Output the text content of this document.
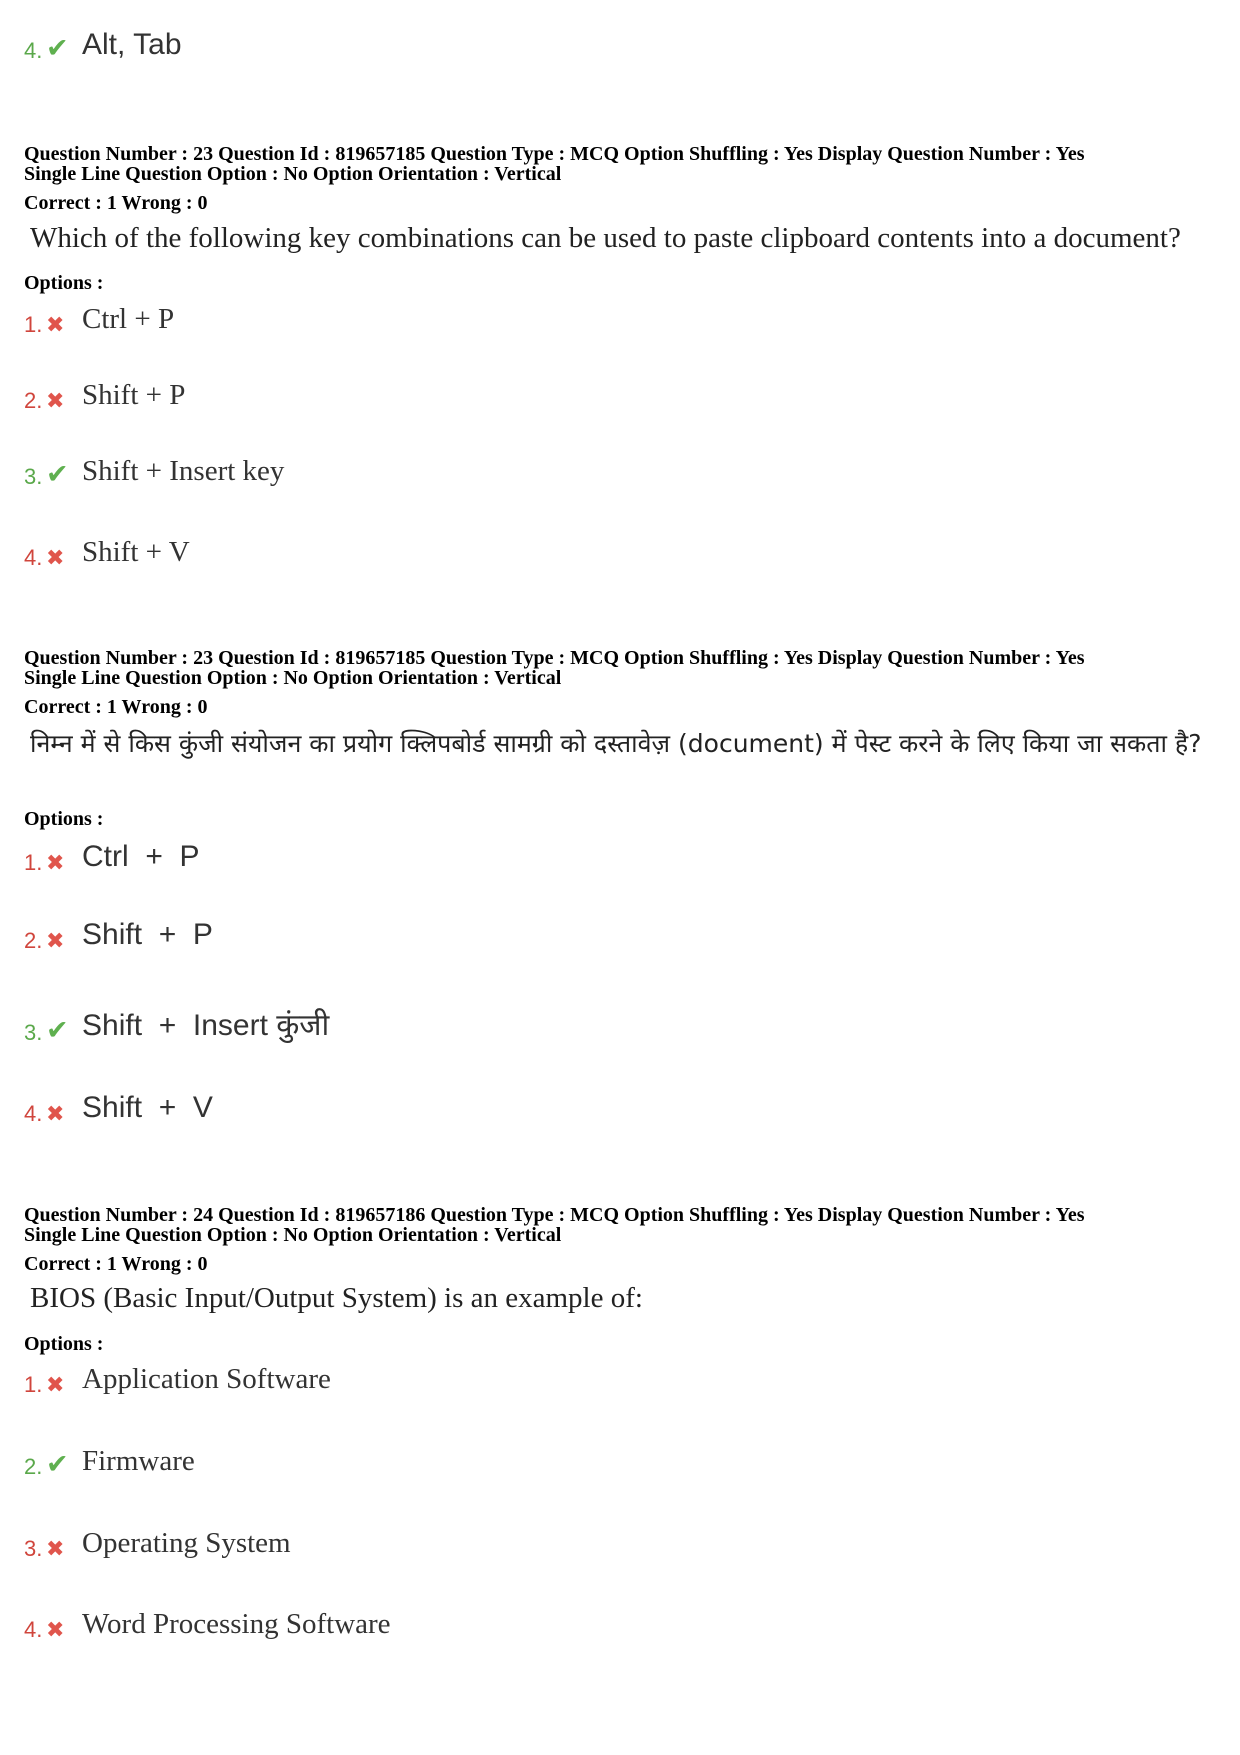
4. ✔ Alt, Tab
Question Number : 23 Question Id : 819657185 Question Type : MCQ Option Shuffling : Yes Display Question Number : Yes
Single Line Question Option : No Option Orientation : Vertical
Correct : 1 Wrong : 0
Which of the following key combinations can be used to paste clipboard contents into a document?
Options :
1. ✖ Ctrl + P
2. ✖ Shift + P
3. ✔ Shift + Insert key
4. ✖ Shift + V
Question Number : 23 Question Id : 819657185 Question Type : MCQ Option Shuffling : Yes Display Question Number : Yes
Single Line Question Option : No Option Orientation : Vertical
Correct : 1 Wrong : 0
निम्न में से किस कुंजी संयोजन का प्रयोग क्लिपबोर्ड सामग्री को दस्तावेज़ (document) में पेस्ट करने के लिए किया जा सकता है?
Options :
1. ✖ Ctrl  +  P
2. ✖ Shift  +  P
3. ✔ Shift  +  Insert कुंजी
4. ✖ Shift  +  V
Question Number : 24 Question Id : 819657186 Question Type : MCQ Option Shuffling : Yes Display Question Number : Yes
Single Line Question Option : No Option Orientation : Vertical
Correct : 1 Wrong : 0
BIOS (Basic Input/Output System) is an example of:
Options :
1. ✖ Application Software
2. ✔ Firmware
3. ✖ Operating System
4. ✖ Word Processing Software
